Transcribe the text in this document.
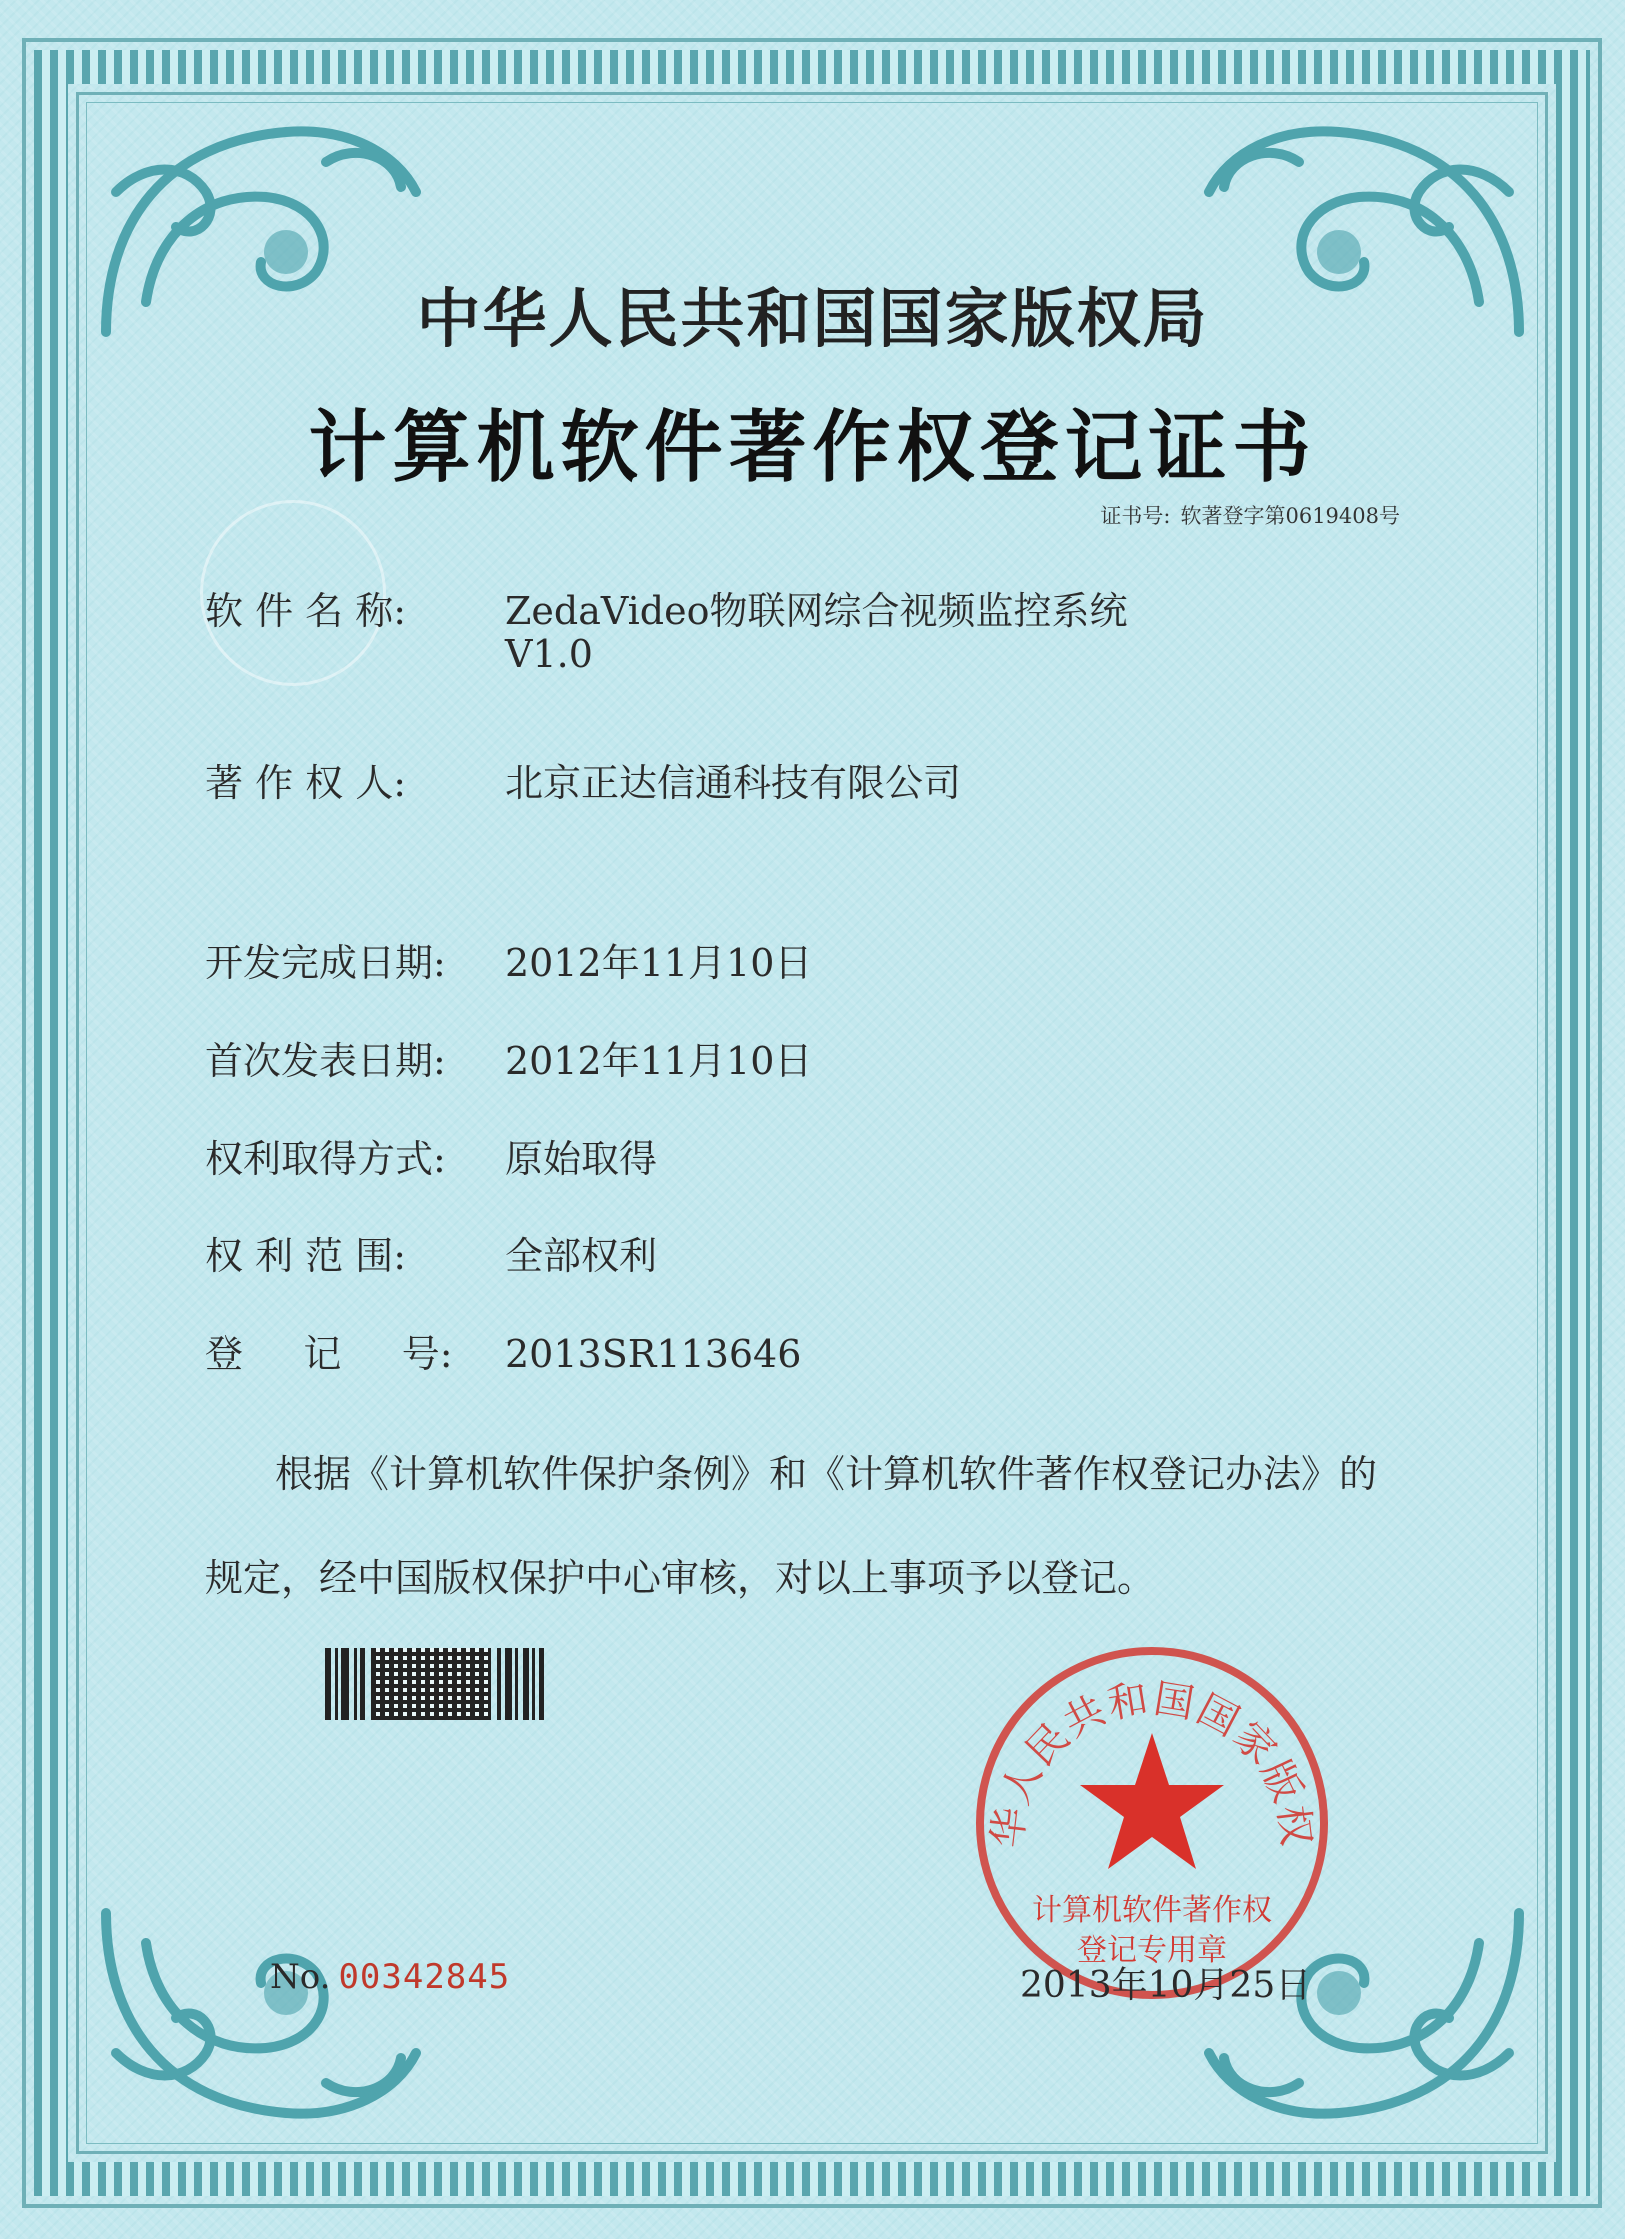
中华人民共和国国家版权局
计算机软件著作权登记证书
证书号: 软著登字第0619408号
软 件 名 称:	ZedaVideo物联网综合视频监控系统
V1.0
著 作 权 人:	北京正达信通科技有限公司
开发完成日期: 2012年11月10日
首次发表日期: 2012年11月10日
权利取得方式: 原始取得
权 利 范 围:	全部权利
登     记     号: 2013SR113646
根据《计算机软件保护条例》和《计算机软件著作权登记办法》的
规定，经中国版权保护中心审核，对以上事项予以登记。
No. 00342845
华人民共和国国家版权
计算机软件著作权
登记专用章
2013年10月25日
